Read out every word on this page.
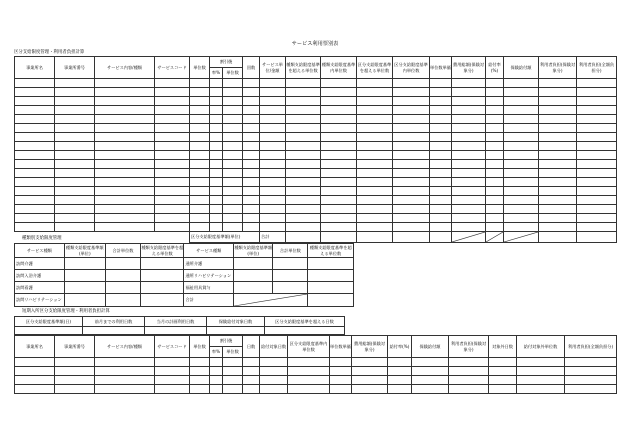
サービス利用票別表
区分支給限度管理・利用者負担計算
事業所名	事業所番号	サービス内容/種類	サービスコード	単位数	割引後		回数	サービス単位/金額	種類支給限度基準を超える単位数	種類支給限度基準内単位数	区分支給限度基準を超える単位数	区分支給限度基準内単位数	単位数単価	費用総額(保険対象分)	給付率(%)	保険給付額	利用者負担(保険対象分)	利用者負担(全額負担分)	
					率%	単位数													

				区分支給限度基準額(単位)				合計						

種類別支給限度管理
サービス種類	種類支給限度基準額(単位)	合計単位数	種類支給限度基準を超える単位数	サービス種類	種類支給限度基準額(単位)	合計単位数	種類支給限度基準を超える単位数
訪問介護				通所介護			
訪問入浴介護				通所リハビリテーション			
訪問看護				福祉用具貸与			
訪問リハビリテーション				合計	

短期入所区分支給限度管理・利用者負担計算
区分支給限度基準額(日)	前月までの利用日数	当月の計画利用日数	保険給付対象日数	区分支給限度基準を超える日数

事業所名	事業所番号	サービス内容/種類	サービスコード	単位数	割引後		日数	給付対象日数	区分支給限度基準内単位数	単位数単価	費用総額(保険対象分)	給付率(%)	保険給付額	利用者負担(保険対象分)	対象外日数	給付対象外単位数	利用者負担(全額負担分)
					率%	単位数											
